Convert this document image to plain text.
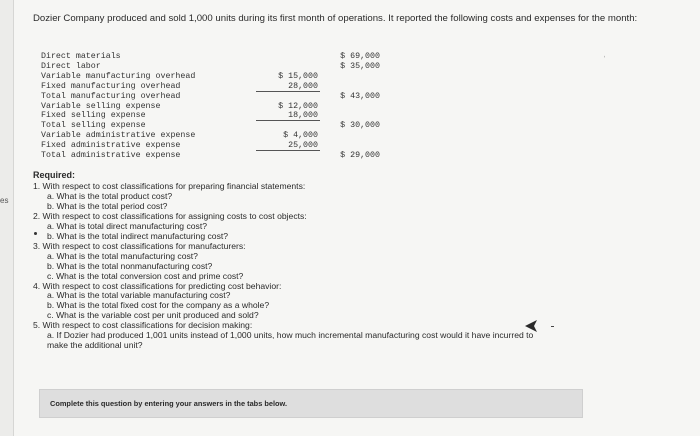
es
Dozier Company produced and sold 1,000 units during its first month of operations. It reported the following costs and expenses for the month:
Direct materials	$ 69,000
Direct labor	$ 35,000
Variable manufacturing overhead	$ 15,000
Fixed manufacturing overhead	28,000
Total manufacturing overhead	$ 43,000
Variable selling expense	$ 12,000
Fixed selling expense	18,000
Total selling expense	$ 30,000
Variable administrative expense	$ 4,000
Fixed administrative expense	25,000
Total administrative expense	$ 29,000
Required:
1. With respect to cost classifications for preparing financial statements:
a. What is the total product cost?
b. What is the total period cost?
2. With respect to cost classifications for assigning costs to cost objects:
a. What is total direct manufacturing cost?
b. What is the total indirect manufacturing cost?
3. With respect to cost classifications for manufacturers:
a. What is the total manufacturing cost?
b. What is the total nonmanufacturing cost?
c. What is the total conversion cost and prime cost?
4. With respect to cost classifications for predicting cost behavior:
a. What is the total variable manufacturing cost?
b. What is the total fixed cost for the company as a whole?
c. What is the variable cost per unit produced and sold?
5. With respect to cost classifications for decision making:
a. If Dozier had produced 1,001 units instead of 1,000 units, how much incremental manufacturing cost would it have incurred to
make the additional unit?
Complete this question by entering your answers in the tabs below.
ʹ
